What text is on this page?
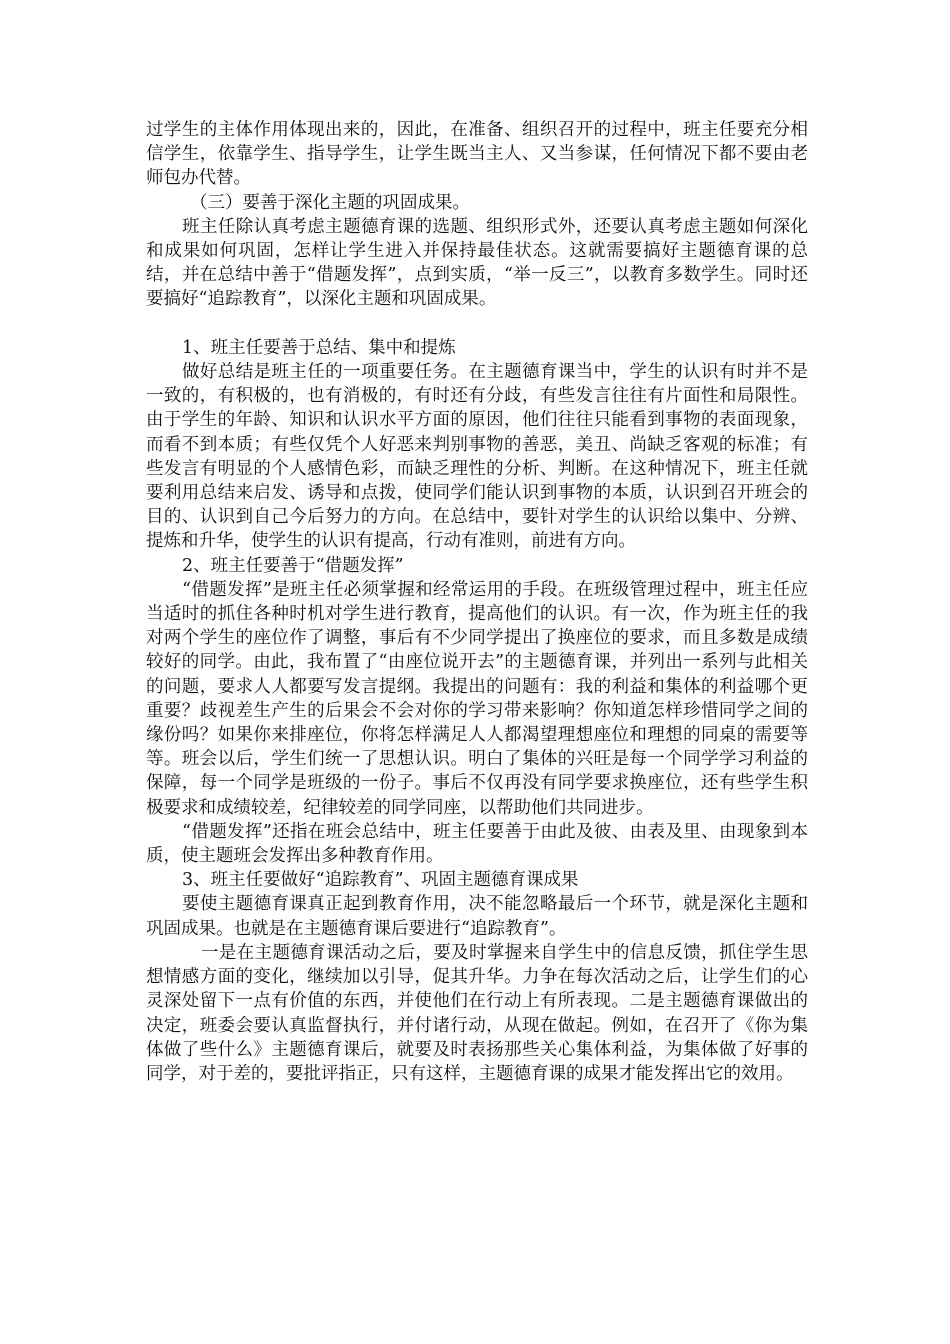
过学生的主体作用体现出来的，因此，在准备、组织召开的过程中，班主任要充分相信学生，依靠学生、指导学生，让学生既当主人、又当参谋，任何情况下都不要由老师包办代替。

（三）要善于深化主题的巩固成果。

班主任除认真考虑主题德育课的选题、组织形式外，还要认真考虑主题如何深化和成果如何巩固，怎样让学生进入并保持最佳状态。这就需要搞好主题德育课的总结，并在总结中善于“借题发挥”，点到实质，“举一反三”，以教育多数学生。同时还要搞好“追踪教育”，以深化主题和巩固成果。

1、班主任要善于总结、集中和提炼

做好总结是班主任的一项重要任务。在主题德育课当中，学生的认识有时并不是一致的，有积极的，也有消极的，有时还有分歧，有些发言往往有片面性和局限性。由于学生的年龄、知识和认识水平方面的原因，他们往往只能看到事物的表面现象，而看不到本质；有些仅凭个人好恶来判别事物的善恶，美丑、尚缺乏客观的标准；有些发言有明显的个人感情色彩，而缺乏理性的分析、判断。在这种情况下，班主任就要利用总结来启发、诱导和点拨，使同学们能认识到事物的本质，认识到召开班会的目的、认识到自己今后努力的方向。在总结中，要针对学生的认识给以集中、分辨、提炼和升华，使学生的认识有提高，行动有准则，前进有方向。

2、班主任要善于“借题发挥”

“借题发挥”是班主任必须掌握和经常运用的手段。在班级管理过程中，班主任应当适时的抓住各种时机对学生进行教育，提高他们的认识。有一次，作为班主任的我对两个学生的座位作了调整，事后有不少同学提出了换座位的要求，而且多数是成绩较好的同学。由此，我布置了“由座位说开去”的主题德育课，并列出一系列与此相关的问题，要求人人都要写发言提纲。我提出的问题有：我的利益和集体的利益哪个更重要？歧视差生产生的后果会不会对你的学习带来影响？你知道怎样珍惜同学之间的缘份吗？如果你来排座位，你将怎样满足人人都渴望理想座位和理想的同桌的需要等等。班会以后，学生们统一了思想认识。明白了集体的兴旺是每一个同学学习利益的保障，每一个同学是班级的一份子。事后不仅再没有同学要求换座位，还有些学生积极要求和成绩较差，纪律较差的同学同座，以帮助他们共同进步。

“借题发挥”还指在班会总结中，班主任要善于由此及彼、由表及里、由现象到本质，使主题班会发挥出多种教育作用。

3、班主任要做好“追踪教育”、巩固主题德育课成果

要使主题德育课真正起到教育作用，决不能忽略最后一个环节，就是深化主题和巩固成果。也就是在主题德育课后要进行“追踪教育”。

一是在主题德育课活动之后，要及时掌握来自学生中的信息反馈，抓住学生思想情感方面的变化，继续加以引导，促其升华。力争在每次活动之后，让学生们的心灵深处留下一点有价值的东西，并使他们在行动上有所表现。二是主题德育课做出的决定，班委会要认真监督执行，并付诸行动，从现在做起。例如，在召开了《你为集体做了些什么》主题德育课后，就要及时表扬那些关心集体利益，为集体做了好事的同学，对于差的，要批评指正，只有这样，主题德育课的成果才能发挥出它的效用。
